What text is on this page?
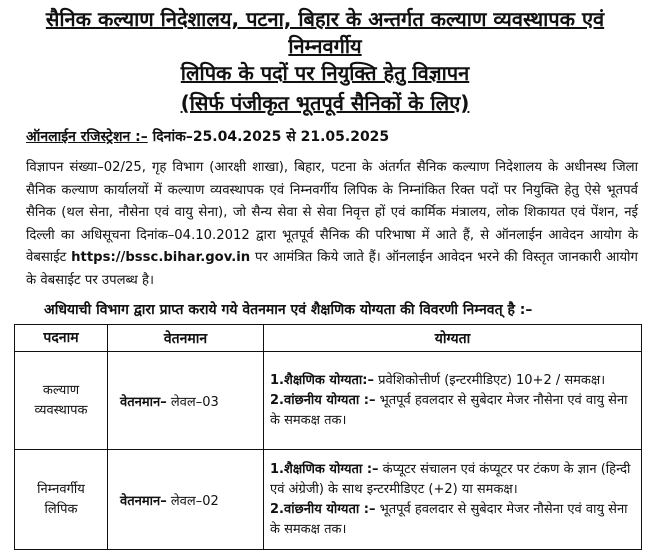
सैनिक कल्याण निदेशालय, पटना, बिहार के अन्तर्गत कल्याण व्यवस्थापक एवं निम्नवर्गीय
लिपिक के पदों पर नियुक्ति हेतु विज्ञापन
(सिर्फ पंजीकृत भूतपूर्व सैनिकों के लिए)
ऑनलाईन रजिस्ट्रेशन :– दिनांक–25.04.2025 से 21.05.2025
विज्ञापन संख्या–02/25, गृह विभाग (आरक्षी शाखा), बिहार, पटना के अंतर्गत सैनिक कल्याण निदेशालय के अधीनस्थ जिला सैनिक कल्याण कार्यालयों में कल्याण व्यवस्थापक एवं निम्नवर्गीय लिपिक के निम्नांकित रिक्त पदों पर नियुक्ति हेतु ऐसे भूतपर्व सैनिक (थल सेना, नौसेना एवं वायु सेना), जो सैन्य सेवा से सेवा निवृत्त हों एवं कार्मिक मंत्रालय, लोक शिकायत एवं पेंशन, नई दिल्ली का अधिसूचना दिनांक–04.10.2012 द्वारा भूतपूर्व सैनिक की परिभाषा में आते हैं, से ऑनलाईन आवेदन आयोग के वेबसाईट https://bssc.bihar.gov.in पर आमंत्रित किये जाते हैं। ऑनलाईन आवेदन भरने की विस्तृत जानकारी आयोग के वेबसाईट पर उपलब्ध है।
अधियाची विभाग द्वारा प्राप्त कराये गये वेतनमान एवं शैक्षणिक योग्यता की विवरणी निम्नवत् है :–
पदनाम	वेतनमान	योग्यता
कल्याण
व्यवस्थापक	वेतनमान– लेवल–03	1.शैक्षणिक योग्यता:– प्रवेशिकोत्तीर्ण (इन्टरमीडिएट) 10+2 / समकक्ष।
2.वांछनीय योग्यता :– भूतपूर्व हवलदार से सुबेदार मेजर नौसेना एवं वायु सेना के समकक्ष तक।
निम्नवर्गीय
लिपिक	वेतनमान– लेवल–02	1.शैक्षणिक योग्यता :– कंप्यूटर संचालन एवं कंप्यूटर पर टंकण के ज्ञान (हिन्दी एवं अंग्रेजी) के साथ इन्टरमीडिएट (+2) या समकक्ष।
2.वांछनीय योग्यता :– भूतपूर्व हवलदार से सुबेदार मेजर नौसेना एवं वायु सेना के समकक्ष तक।
